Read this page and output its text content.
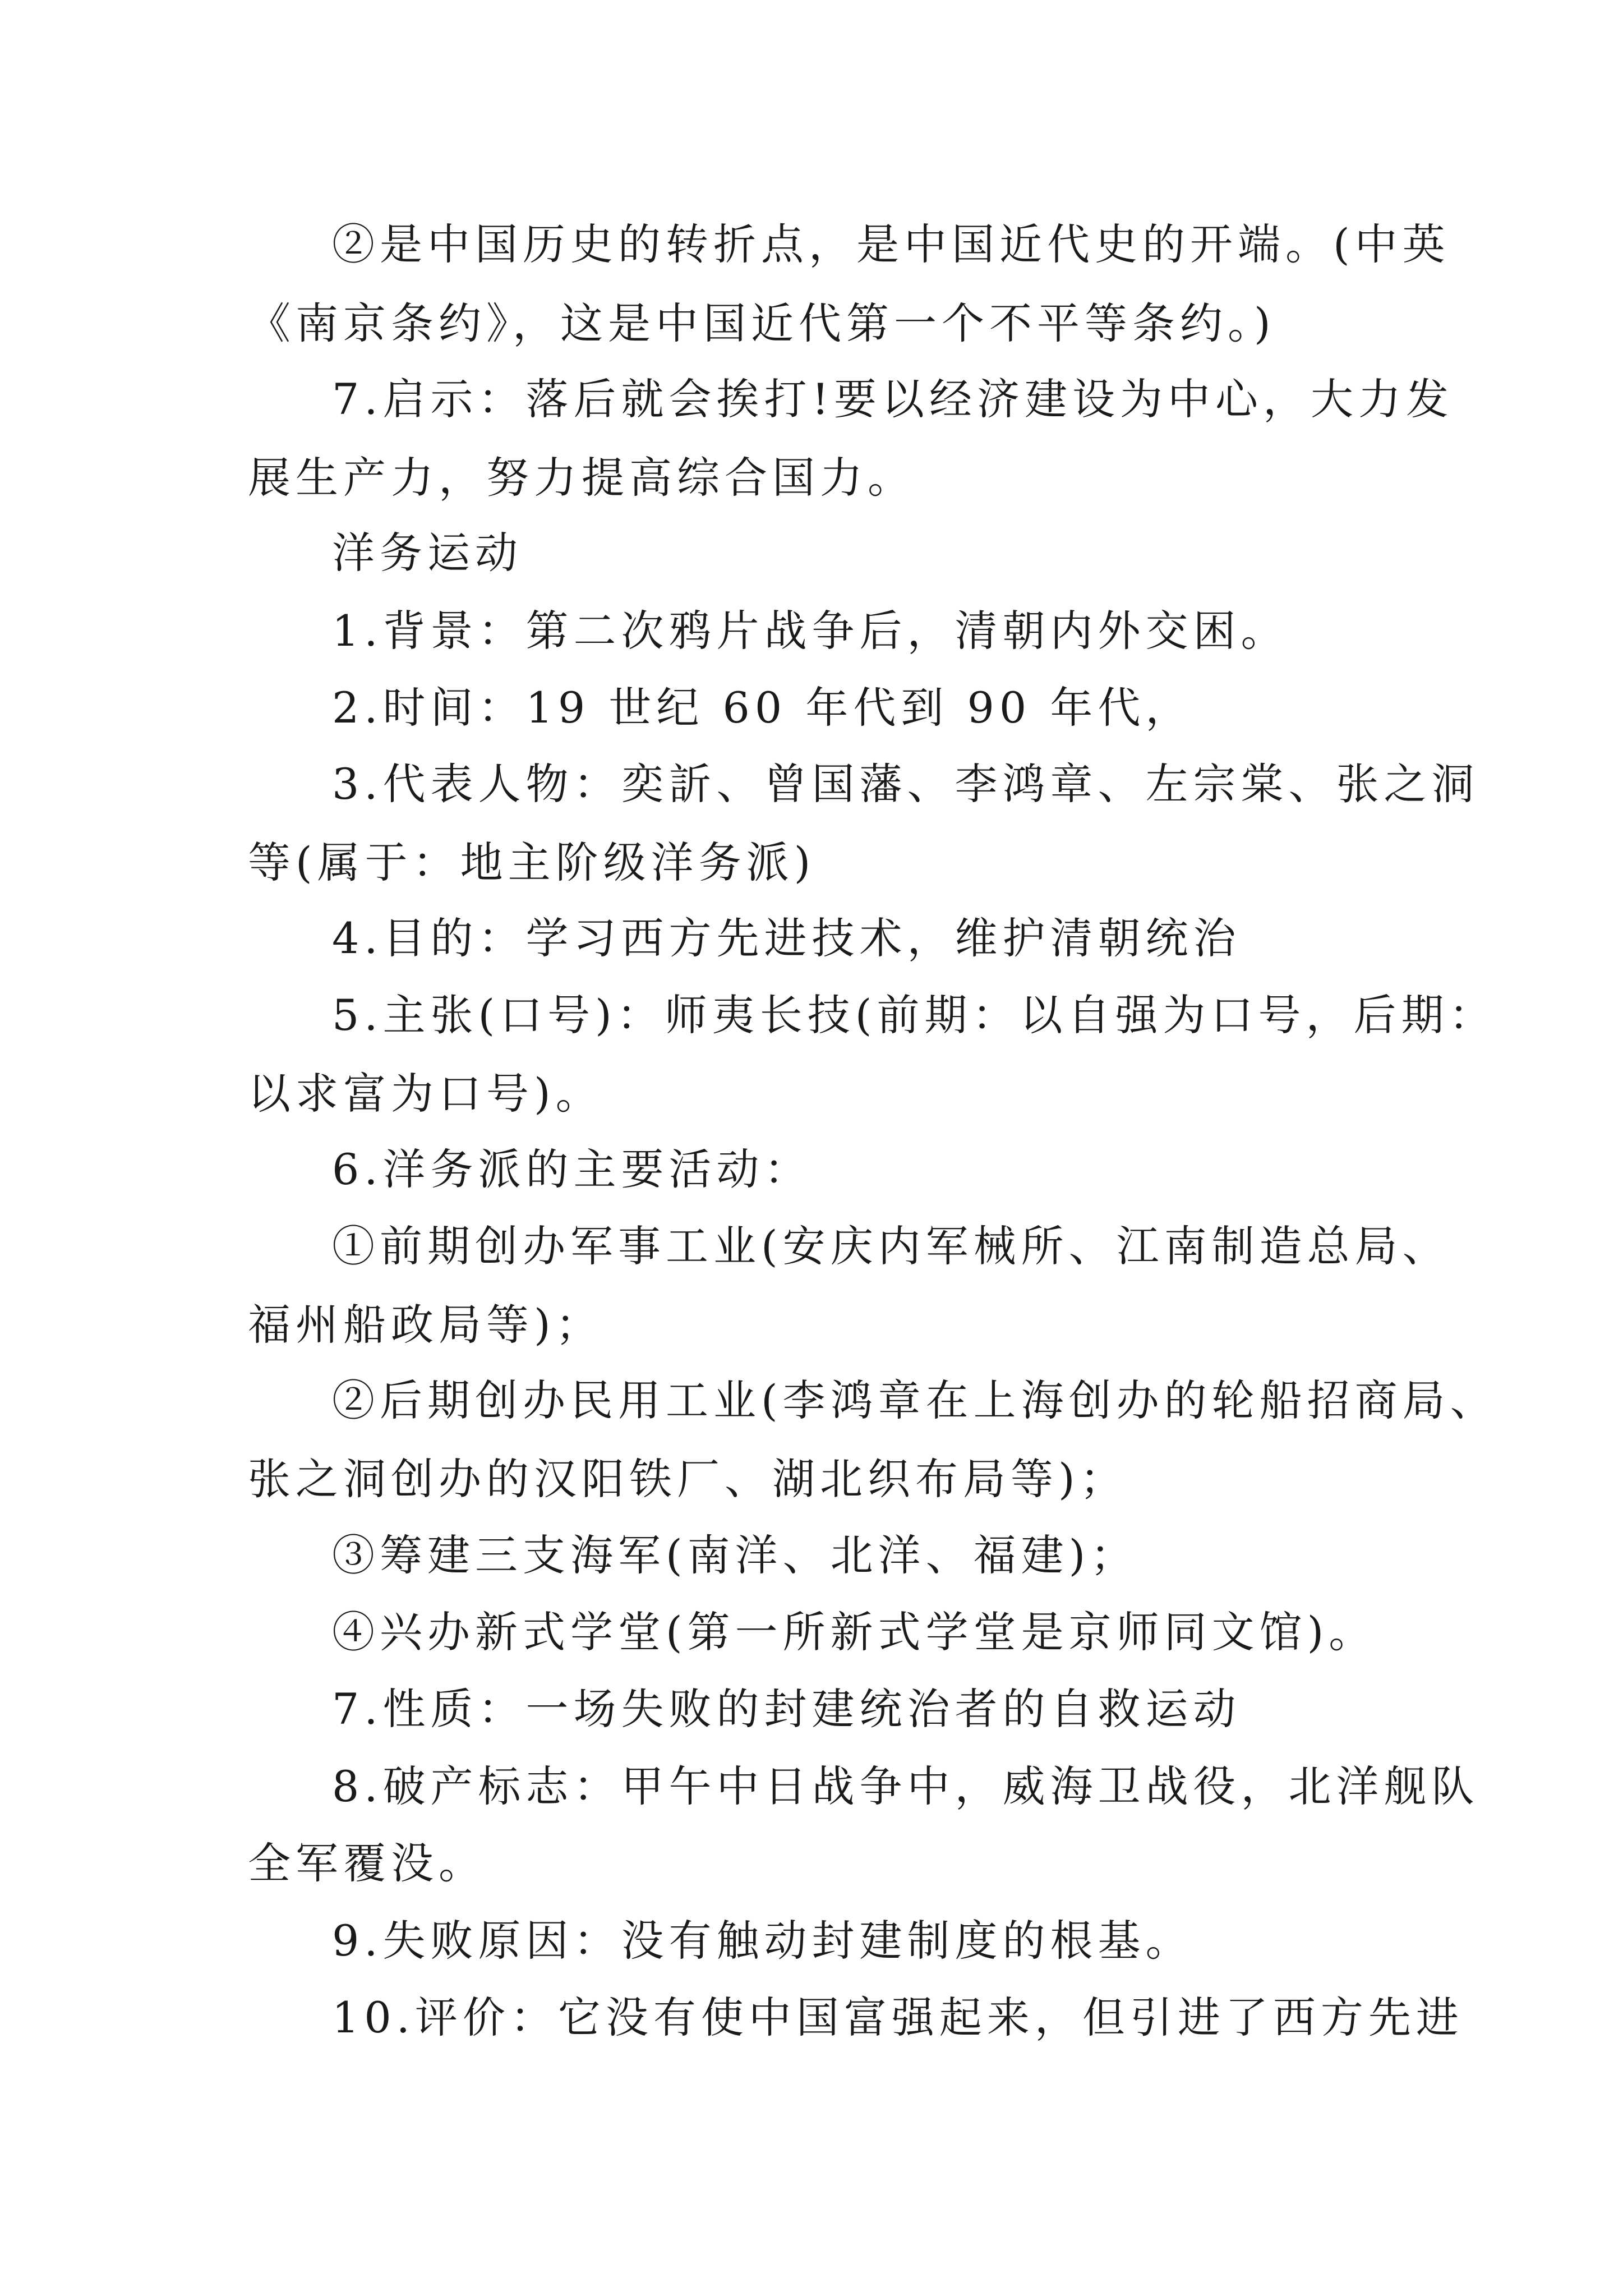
②是中国历史的转折点，是中国近代史的开端。(中英
《南京条约》，这是中国近代第一个不平等条约。)
7.启示：落后就会挨打!要以经济建设为中心，大力发
展生产力，努力提高综合国力。
洋务运动
1.背景：第二次鸦片战争后，清朝内外交困。
2.时间：19 世纪 60 年代到 90 年代，
3.代表人物：奕訢、曾国藩、李鸿章、左宗棠、张之洞
等(属于：地主阶级洋务派)
4.目的：学习西方先进技术，维护清朝统治
5.主张(口号)：师夷长技(前期：以自强为口号，后期：
以求富为口号)。
6.洋务派的主要活动：
①前期创办军事工业(安庆内军械所、江南制造总局、
福州船政局等)；
②后期创办民用工业(李鸿章在上海创办的轮船招商局、
张之洞创办的汉阳铁厂、湖北织布局等)；
③筹建三支海军(南洋、北洋、福建)；
④兴办新式学堂(第一所新式学堂是京师同文馆)。
7.性质：一场失败的封建统治者的自救运动
8.破产标志：甲午中日战争中，威海卫战役，北洋舰队
全军覆没。
9.失败原因：没有触动封建制度的根基。
10.评价：它没有使中国富强起来，但引进了西方先进
